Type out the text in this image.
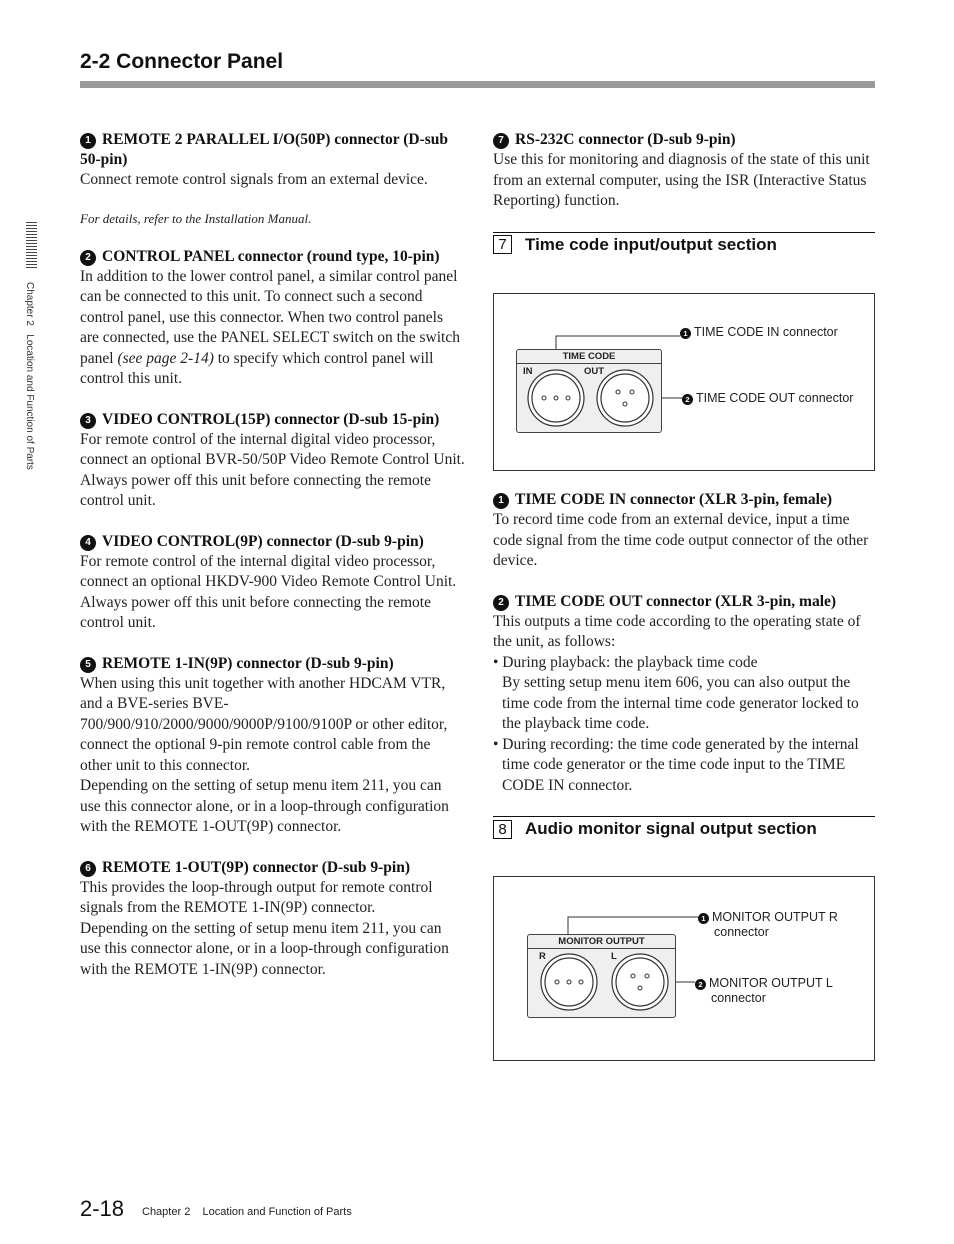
2-2 Connector Panel
Chapter 2   Location and Function of Parts
1 REMOTE 2 PARALLEL I/O(50P) connector (D-sub 50-pin)
Connect remote control signals from an external device.
For details, refer to the Installation Manual.
2 CONTROL PANEL connector (round type, 10-pin)
In addition to the lower control panel, a similar control panel can be connected to this unit. To connect such a second control panel, use this connector. When two control panels are connected, use the PANEL SELECT switch on the switch panel (see page 2-14) to specify which control panel will control this unit.
3 VIDEO CONTROL(15P) connector (D-sub 15-pin)
For remote control of the internal digital video processor, connect an optional BVR-50/50P Video Remote Control Unit.
Always power off this unit before connecting the remote control unit.
4 VIDEO CONTROL(9P) connector (D-sub 9-pin)
For remote control of the internal digital video processor, connect an optional HKDV-900 Video Remote Control Unit.
Always power off this unit before connecting the remote control unit.
5 REMOTE 1-IN(9P) connector (D-sub 9-pin)
When using this unit together with another HDCAM VTR, and a BVE-series BVE-700/900/910/2000/9000/9000P/9100/9100P or other editor, connect the optional 9-pin remote control cable from the other unit to this connector.
Depending on the setting of setup menu item 211, you can use this connector alone, or in a loop-through configuration with the REMOTE 1-OUT(9P) connector.
6 REMOTE 1-OUT(9P) connector (D-sub 9-pin)
This provides the loop-through output for remote control signals from the REMOTE 1-IN(9P) connector.
Depending on the setting of setup menu item 211, you can use this connector alone, or in a loop-through configuration with the REMOTE 1-IN(9P) connector.
7 RS-232C connector (D-sub 9-pin)
Use this for monitoring and diagnosis of the state of this unit from an external computer, using the ISR (Interactive Status Reporting) function.
7	Time code input/output section
TIME CODE
IN	OUT
1 TIME CODE IN connector
2 TIME CODE OUT connector
1 TIME CODE IN connector (XLR 3-pin, female)
To record time code from an external device, input a time code signal from the time code output connector of the other device.
2 TIME CODE OUT connector (XLR 3-pin, male)
This outputs a time code according to the operating state of the unit, as follows:
• During playback: the playback time code
By setting setup menu item 606, you can also output the time code from the internal time code generator locked to the playback time code.
• During recording: the time code generated by the internal time code generator or the time code input to the TIME CODE IN connector.
8	Audio monitor signal output section
MONITOR OUTPUT
R	L
1 MONITOR OUTPUT R
connector
2 MONITOR OUTPUT L
connector
2-18 Chapter 2    Location and Function of Parts
